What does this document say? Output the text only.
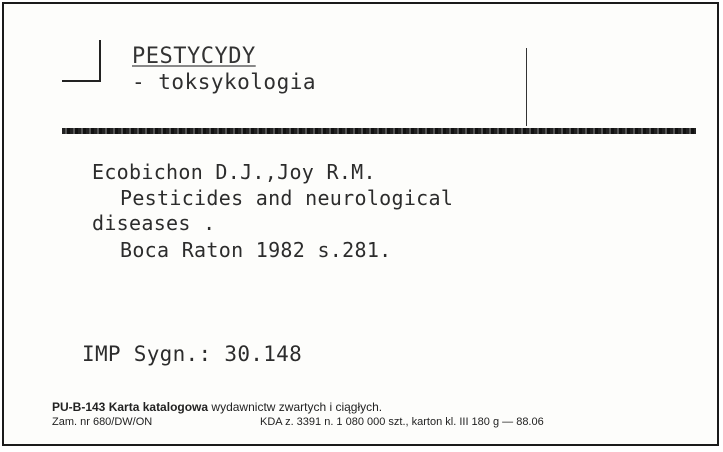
PESTYCYDY
- toksykologia
Ecobichon D.J.,Joy R.M.
Pesticides and neurological
diseases .
Boca Raton 1982 s.281.
IMP Sygn.: 30.148
PU-B-143 Karta katalogowa wydawnictw zwartych i ciągłych.
Zam. nr 680/DW/ON	KDA z. 3391 n. 1 080 000 szt., karton kl. III 180 g — 88.06
